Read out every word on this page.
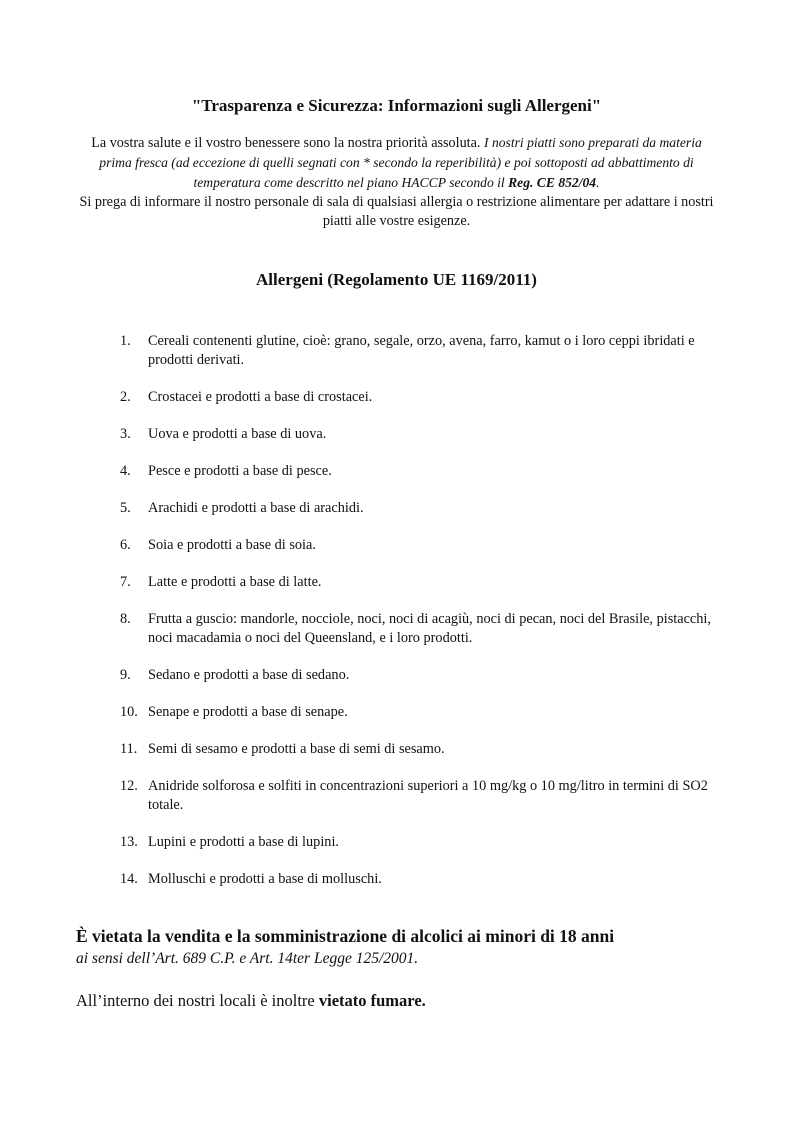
"Trasparenza e Sicurezza: Informazioni sugli Allergeni"
La vostra salute e il vostro benessere sono la nostra priorità assoluta. I nostri piatti sono preparati da materia prima fresca (ad eccezione di quelli segnati con * secondo la reperibilità) e poi sottoposti ad abbattimento di temperatura come descritto nel piano HACCP secondo il Reg. CE 852/04.
Si prega di informare il nostro personale di sala di qualsiasi allergia o restrizione alimentare per adattare i nostri piatti alle vostre esigenze.
Allergeni (Regolamento UE 1169/2011)
1. Cereali contenenti glutine, cioè: grano, segale, orzo, avena, farro, kamut o i loro ceppi ibridati e prodotti derivati.
2. Crostacei e prodotti a base di crostacei.
3. Uova e prodotti a base di uova.
4. Pesce e prodotti a base di pesce.
5. Arachidi e prodotti a base di arachidi.
6. Soia e prodotti a base di soia.
7. Latte e prodotti a base di latte.
8. Frutta a guscio: mandorle, nocciole, noci, noci di acagiù, noci di pecan, noci del Brasile, pistacchi, noci macadamia o noci del Queensland, e i loro prodotti.
9. Sedano e prodotti a base di sedano.
10. Senape e prodotti a base di senape.
11. Semi di sesamo e prodotti a base di semi di sesamo.
12. Anidride solforosa e solfiti in concentrazioni superiori a 10 mg/kg o 10 mg/litro in termini di SO2 totale.
13. Lupini e prodotti a base di lupini.
14. Molluschi e prodotti a base di molluschi.
È vietata la vendita e la somministrazione di alcolici ai minori di 18 anni
ai sensi dell’Art. 689 C.P. e Art. 14ter Legge 125/2001.
All’interno dei nostri locali è inoltre vietato fumare.
